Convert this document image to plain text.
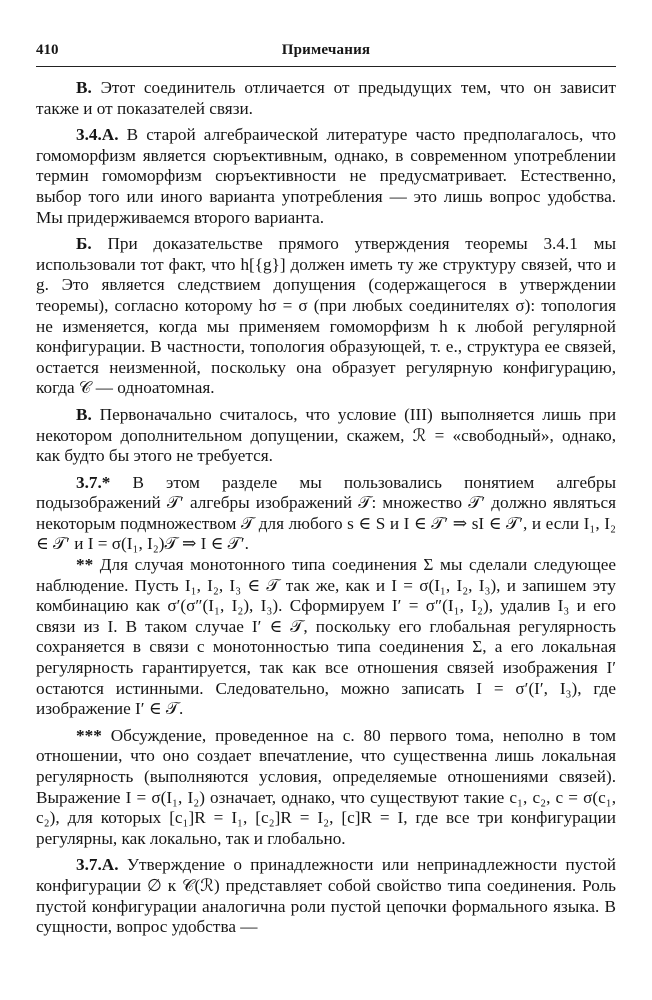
410	Примечания

В. Этот соединитель отличается от предыдущих тем, что он зависит также и от показателей связи.

3.4.А. В старой алгебраической литературе часто предполагалось, что гомоморфизм является сюръективным, однако, в современном употреблении термин гомоморфизм сюръективности не предусматривает. Естественно, выбор того или иного варианта употребления — это лишь вопрос удобства. Мы придерживаемся второго варианта.

Б. При доказательстве прямого утверждения теоремы 3.4.1 мы использовали тот факт, что h[{g}] должен иметь ту же структуру связей, что и g. Это является следствием допущения (содержащегося в утверждении теоремы), согласно которому hσ = σ (при любых соединителях σ): топология не изменяется, когда мы применяем гомоморфизм h к любой регулярной конфигурации. В частности, топология образующей, т. е., структура ее связей, остается неизменной, поскольку она образует регулярную конфигурацию, когда 𝒞 — одноатомная.

В. Первоначально считалось, что условие (III) выполняется лишь при некотором дополнительном допущении, скажем, ℛ = «свободный», однако, как будто бы этого не требуется.

3.7.* В этом разделе мы пользовались понятием алгебры подызображений 𝒯′ алгебры изображений 𝒯: множество 𝒯′ должно являться некоторым подмножеством 𝒯 для любого s ∈ S и I ∈ 𝒯′ ⇒ sI ∈ 𝒯′, и если I₁, I₂ ∈ 𝒯′ и I = σ(I₁, I₂)𝒯 ⇒ I ∈ 𝒯′.

** Для случая монотонного типа соединения Σ мы сделали следующее наблюдение. Пусть I₁, I₂, I₃ ∈ 𝒯 так же, как и I = σ(I₁, I₂, I₃), и запишем эту комбинацию как σ′(σ″(I₁, I₂), I₃). Сформируем I′ = σ″(I₁, I₂), удалив I₃ и его связи из I. В таком случае I′ ∈ 𝒯, поскольку его глобальная регулярность сохраняется в связи с монотонностью типа соединения Σ, а его локальная регулярность гарантируется, так как все отношения связей изображения I′ остаются истинными. Следовательно, можно записать I = σ′(I′, I₃), где изображение I′ ∈ 𝒯.

*** Обсуждение, проведенное на с. 80 первого тома, неполно в том отношении, что оно создает впечатление, что существенна лишь локальная регулярность (выполняются условия, определяемые отношениями связей). Выражение I = σ(I₁, I₂) означает, однако, что существуют такие c₁, c₂, c = σ(c₁, c₂), для которых [c₁]R = I₁, [c₂]R = I₂, [c]R = I, где все три конфигурации регулярны, как локально, так и глобально.

3.7.А. Утверждение о принадлежности или непринадлежности пустой конфигурации ∅ к 𝒞(ℛ) представляет собой свойство типа соединения. Роль пустой конфигурации аналогична роли пустой цепочки формального языка. В сущности, вопрос удобства —
